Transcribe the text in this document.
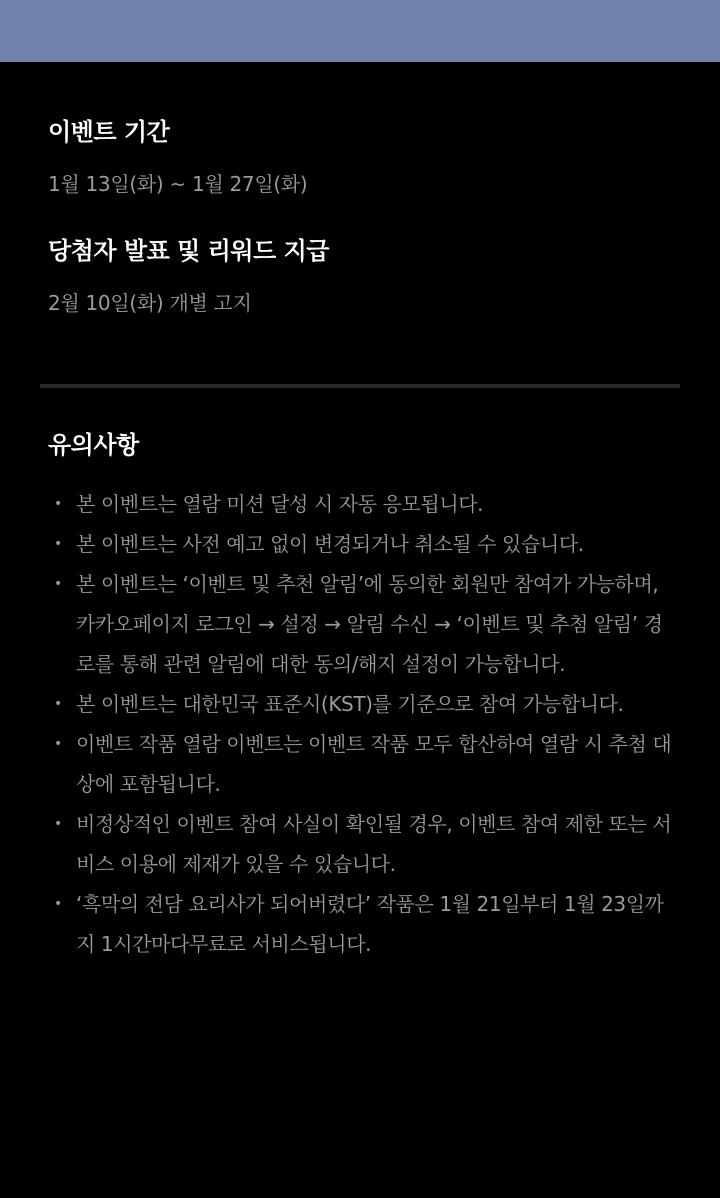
이벤트 기간

1월 13일(화) ~ 1월 27일(화)

당첨자 발표 및 리워드 지급

2월 10일(화) 개별 고지

유의사항
• 본 이벤트는 열람 미션 달성 시 자동 응모됩니다.
• 본 이벤트는 사전 예고 없이 변경되거나 취소될 수 있습니다.
• 본 이벤트는 ‘이벤트 및 추천 알림’에 동의한 회원만 참여가 가능하며, 카카오페이지 로그인 → 설정 → 알림 수신 → ‘이벤트 및 추첨 알림’ 경로를 통해 관련 알림에 대한 동의/해지 설정이 가능합니다.
• 본 이벤트는 대한민국 표준시(KST)를 기준으로 참여 가능합니다.
• 이벤트 작품 열람 이벤트는 이벤트 작품 모두 합산하여 열람 시 추첨 대상에 포함됩니다.
• 비정상적인 이벤트 참여 사실이 확인될 경우, 이벤트 참여 제한 또는 서비스 이용에 제재가 있을 수 있습니다.
• ‘흑막의 전담 요리사가 되어버렸다’ 작품은 1월 21일부터 1월 23일까지 1시간마다무료로 서비스됩니다.
